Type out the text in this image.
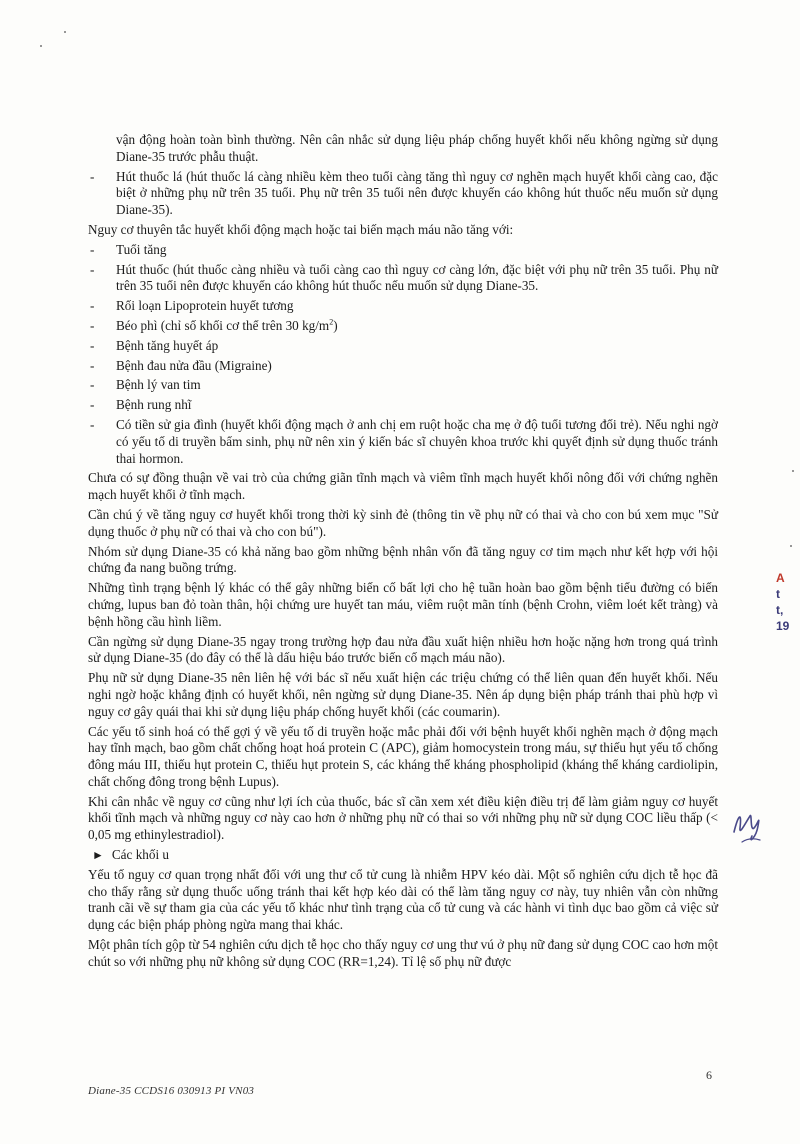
vận động hoàn toàn bình thường. Nên cân nhắc sử dụng liệu pháp chống huyết khối nếu không ngừng sử dụng Diane-35 trước phẫu thuật.
- Hút thuốc lá (hút thuốc lá càng nhiều kèm theo tuổi càng tăng thì nguy cơ nghẽn mạch huyết khối càng cao, đặc biệt ở những phụ nữ trên 35 tuổi. Phụ nữ trên 35 tuổi nên được khuyến cáo không hút thuốc nếu muốn sử dụng Diane-35).
Nguy cơ thuyên tắc huyết khối động mạch hoặc tai biến mạch máu não tăng với:
- Tuổi tăng
- Hút thuốc (hút thuốc càng nhiều và tuổi càng cao thì nguy cơ càng lớn, đặc biệt với phụ nữ trên 35 tuổi. Phụ nữ trên 35 tuổi nên được khuyến cáo không hút thuốc nếu muốn sử dụng Diane-35.
- Rối loạn Lipoprotein huyết tương
- Béo phì (chỉ số khối cơ thể trên 30 $kg/m^2$)
- Bệnh tăng huyết áp
- Bệnh đau nửa đầu (Migraine)
- Bệnh lý van tim
- Bệnh rung nhĩ
- Có tiền sử gia đình (huyết khối động mạch ở anh chị em ruột hoặc cha mẹ ở độ tuổi tương đối trẻ). Nếu nghi ngờ có yếu tố di truyền bẩm sinh, phụ nữ nên xin ý kiến bác sĩ chuyên khoa trước khi quyết định sử dụng thuốc tránh thai hormon.
Chưa có sự đồng thuận về vai trò của chứng giãn tĩnh mạch và viêm tĩnh mạch huyết khối nông đối với chứng nghẽn mạch huyết khối ở tĩnh mạch.
Cần chú ý về tăng nguy cơ huyết khối trong thời kỳ sinh đẻ (thông tin về phụ nữ có thai và cho con bú xem mục "Sử dụng thuốc ở phụ nữ có thai và cho con bú").
Nhóm sử dụng Diane-35 có khả năng bao gồm những bệnh nhân vốn đã tăng nguy cơ tim mạch như kết hợp với hội chứng đa nang buồng trứng.
Những tình trạng bệnh lý khác có thể gây những biến cố bất lợi cho hệ tuần hoàn bao gồm bệnh tiểu đường có biến chứng, lupus ban đỏ toàn thân, hội chứng ure huyết tan máu, viêm ruột mãn tính (bệnh Crohn, viêm loét kết tràng) và bệnh hồng cầu hình liềm.
Cần ngừng sử dụng Diane-35 ngay trong trường hợp đau nửa đầu xuất hiện nhiều hơn hoặc nặng hơn trong quá trình sử dụng Diane-35 (do đây có thể là dấu hiệu báo trước biến cố mạch máu não).
Phụ nữ sử dụng Diane-35 nên liên hệ với bác sĩ nếu xuất hiện các triệu chứng có thể liên quan đến huyết khối. Nếu nghi ngờ hoặc khẳng định có huyết khối, nên ngừng sử dụng Diane-35. Nên áp dụng biện pháp tránh thai phù hợp vì nguy cơ gây quái thai khi sử dụng liệu pháp chống huyết khối (các coumarin).
Các yếu tố sinh hoá có thể gợi ý về yếu tố di truyền hoặc mắc phải đối với bệnh huyết khối nghẽn mạch ở động mạch hay tĩnh mạch, bao gồm chất chống hoạt hoá protein C (APC), giảm homocystein trong máu, sự thiếu hụt yếu tố chống đông máu III, thiếu hụt protein C, thiếu hụt protein S, các kháng thể kháng phospholipid (kháng thể kháng cardiolipin, chất chống đông trong bệnh Lupus).
Khi cân nhắc về nguy cơ cũng như lợi ích của thuốc, bác sĩ cần xem xét điều kiện điều trị để làm giảm nguy cơ huyết khối tĩnh mạch và những nguy cơ này cao hơn ở những phụ nữ có thai so với những phụ nữ sử dụng COC liều thấp (< 0,05 mg ethinylestradiol).
► Các khối u
Yếu tố nguy cơ quan trọng nhất đối với ung thư cổ tử cung là nhiễm HPV kéo dài. Một số nghiên cứu dịch tễ học đã cho thấy rằng sử dụng thuốc uống tránh thai kết hợp kéo dài có thể làm tăng nguy cơ này, tuy nhiên vẫn còn những tranh cãi về sự tham gia của các yếu tố khác như tình trạng của cổ tử cung và các hành vi tình dục bao gồm cả việc sử dụng các biện pháp phòng ngừa mang thai khác.
Một phân tích gộp từ 54 nghiên cứu dịch tễ học cho thấy nguy cơ ung thư vú ở phụ nữ đang sử dụng COC cao hơn một chút so với những phụ nữ không sử dụng COC (RR=1,24). Tỉ lệ số phụ nữ được
A
t
t,
19
Diane-35 CCDS16 030913 PI VN03
6
